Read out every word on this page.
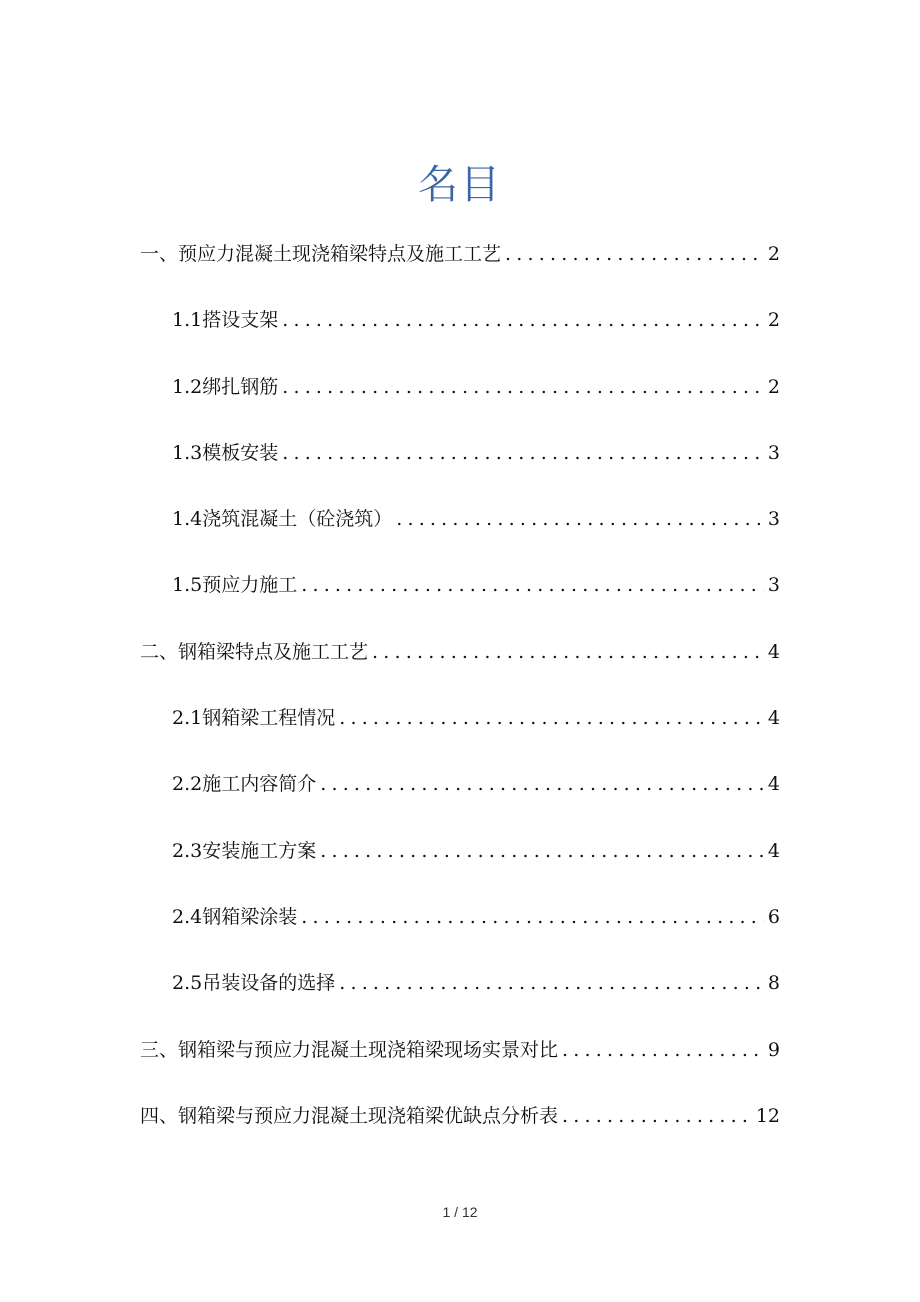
名目
一、预应力混凝土现浇箱梁特点及施工工艺 .....	2
1.1搭设支架 .....	2
1.2绑扎钢筋 .....	2
1.3模板安装 .....	3
1.4浇筑混凝土（砼浇筑） .....	3
1.5预应力施工 .....	3
二、钢箱梁特点及施工工艺 .....	4
2.1钢箱梁工程情况 .....	4
2.2施工内容简介 .....	4
2.3安装施工方案 .....	4
2.4钢箱梁涂装 .....	6
2.5吊装设备的选择 .....	8
三、钢箱梁与预应力混凝土现浇箱梁现场实景对比 .....	9
四、钢箱梁与预应力混凝土现浇箱梁优缺点分析表 .....	12
1 / 12
